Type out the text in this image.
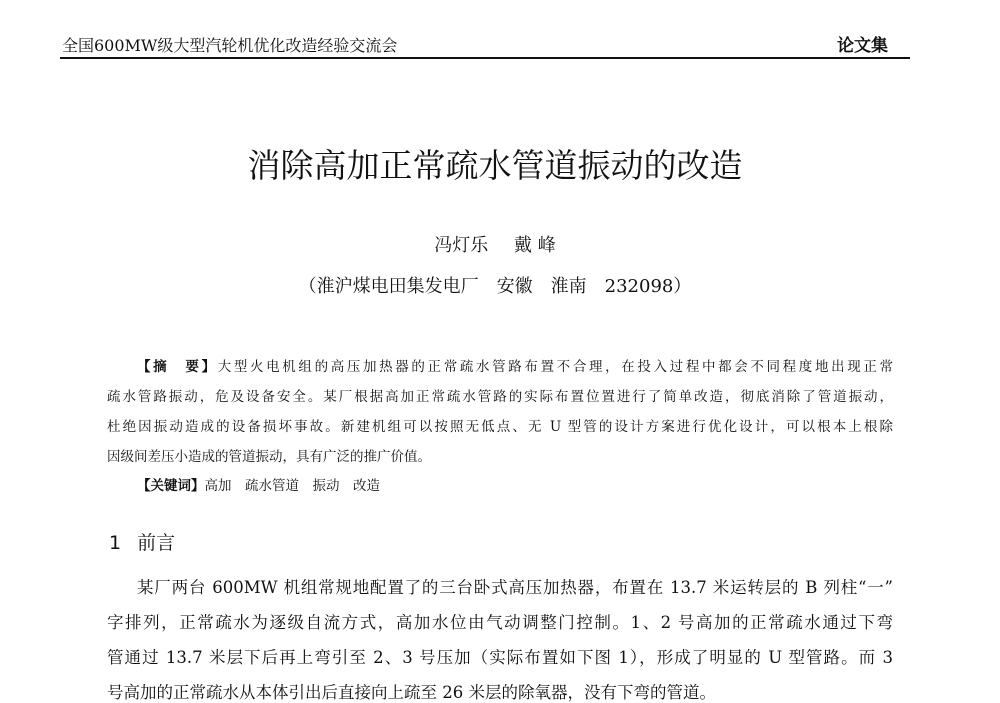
全国600MW级大型汽轮机优化改造经验交流会	论文集
消除高加正常疏水管道振动的改造
冯灯乐 戴 峰
（淮沪煤电田集发电厂　安徽　淮南　232098）
【摘　要】大型火电机组的高压加热器的正常疏水管路布置不合理，在投入过程中都会不同程度地出现正常
疏水管路振动，危及设备安全。某厂根据高加正常疏水管路的实际布置位置进行了简单改造，彻底消除了管道振动，
杜绝因振动造成的设备损坏事故。新建机组可以按照无低点、无 U 型管的设计方案进行优化设计，可以根本上根除
因级间差压小造成的管道振动，具有广泛的推广价值。
【关键词】高加　疏水管道　振动　改造
1 前言
某厂两台 600MW 机组常规地配置了的三台卧式高压加热器，布置在 13.7 米运转层的 B 列柱“一”
字排列，正常疏水为逐级自流方式，高加水位由气动调整门控制。1、2 号高加的正常疏水通过下弯
管通过 13.7 米层下后再上弯引至 2、3 号压加（实际布置如下图 1），形成了明显的 U 型管路。而 3
号高加的正常疏水从本体引出后直接向上疏至 26 米层的除氧器，没有下弯的管道。
